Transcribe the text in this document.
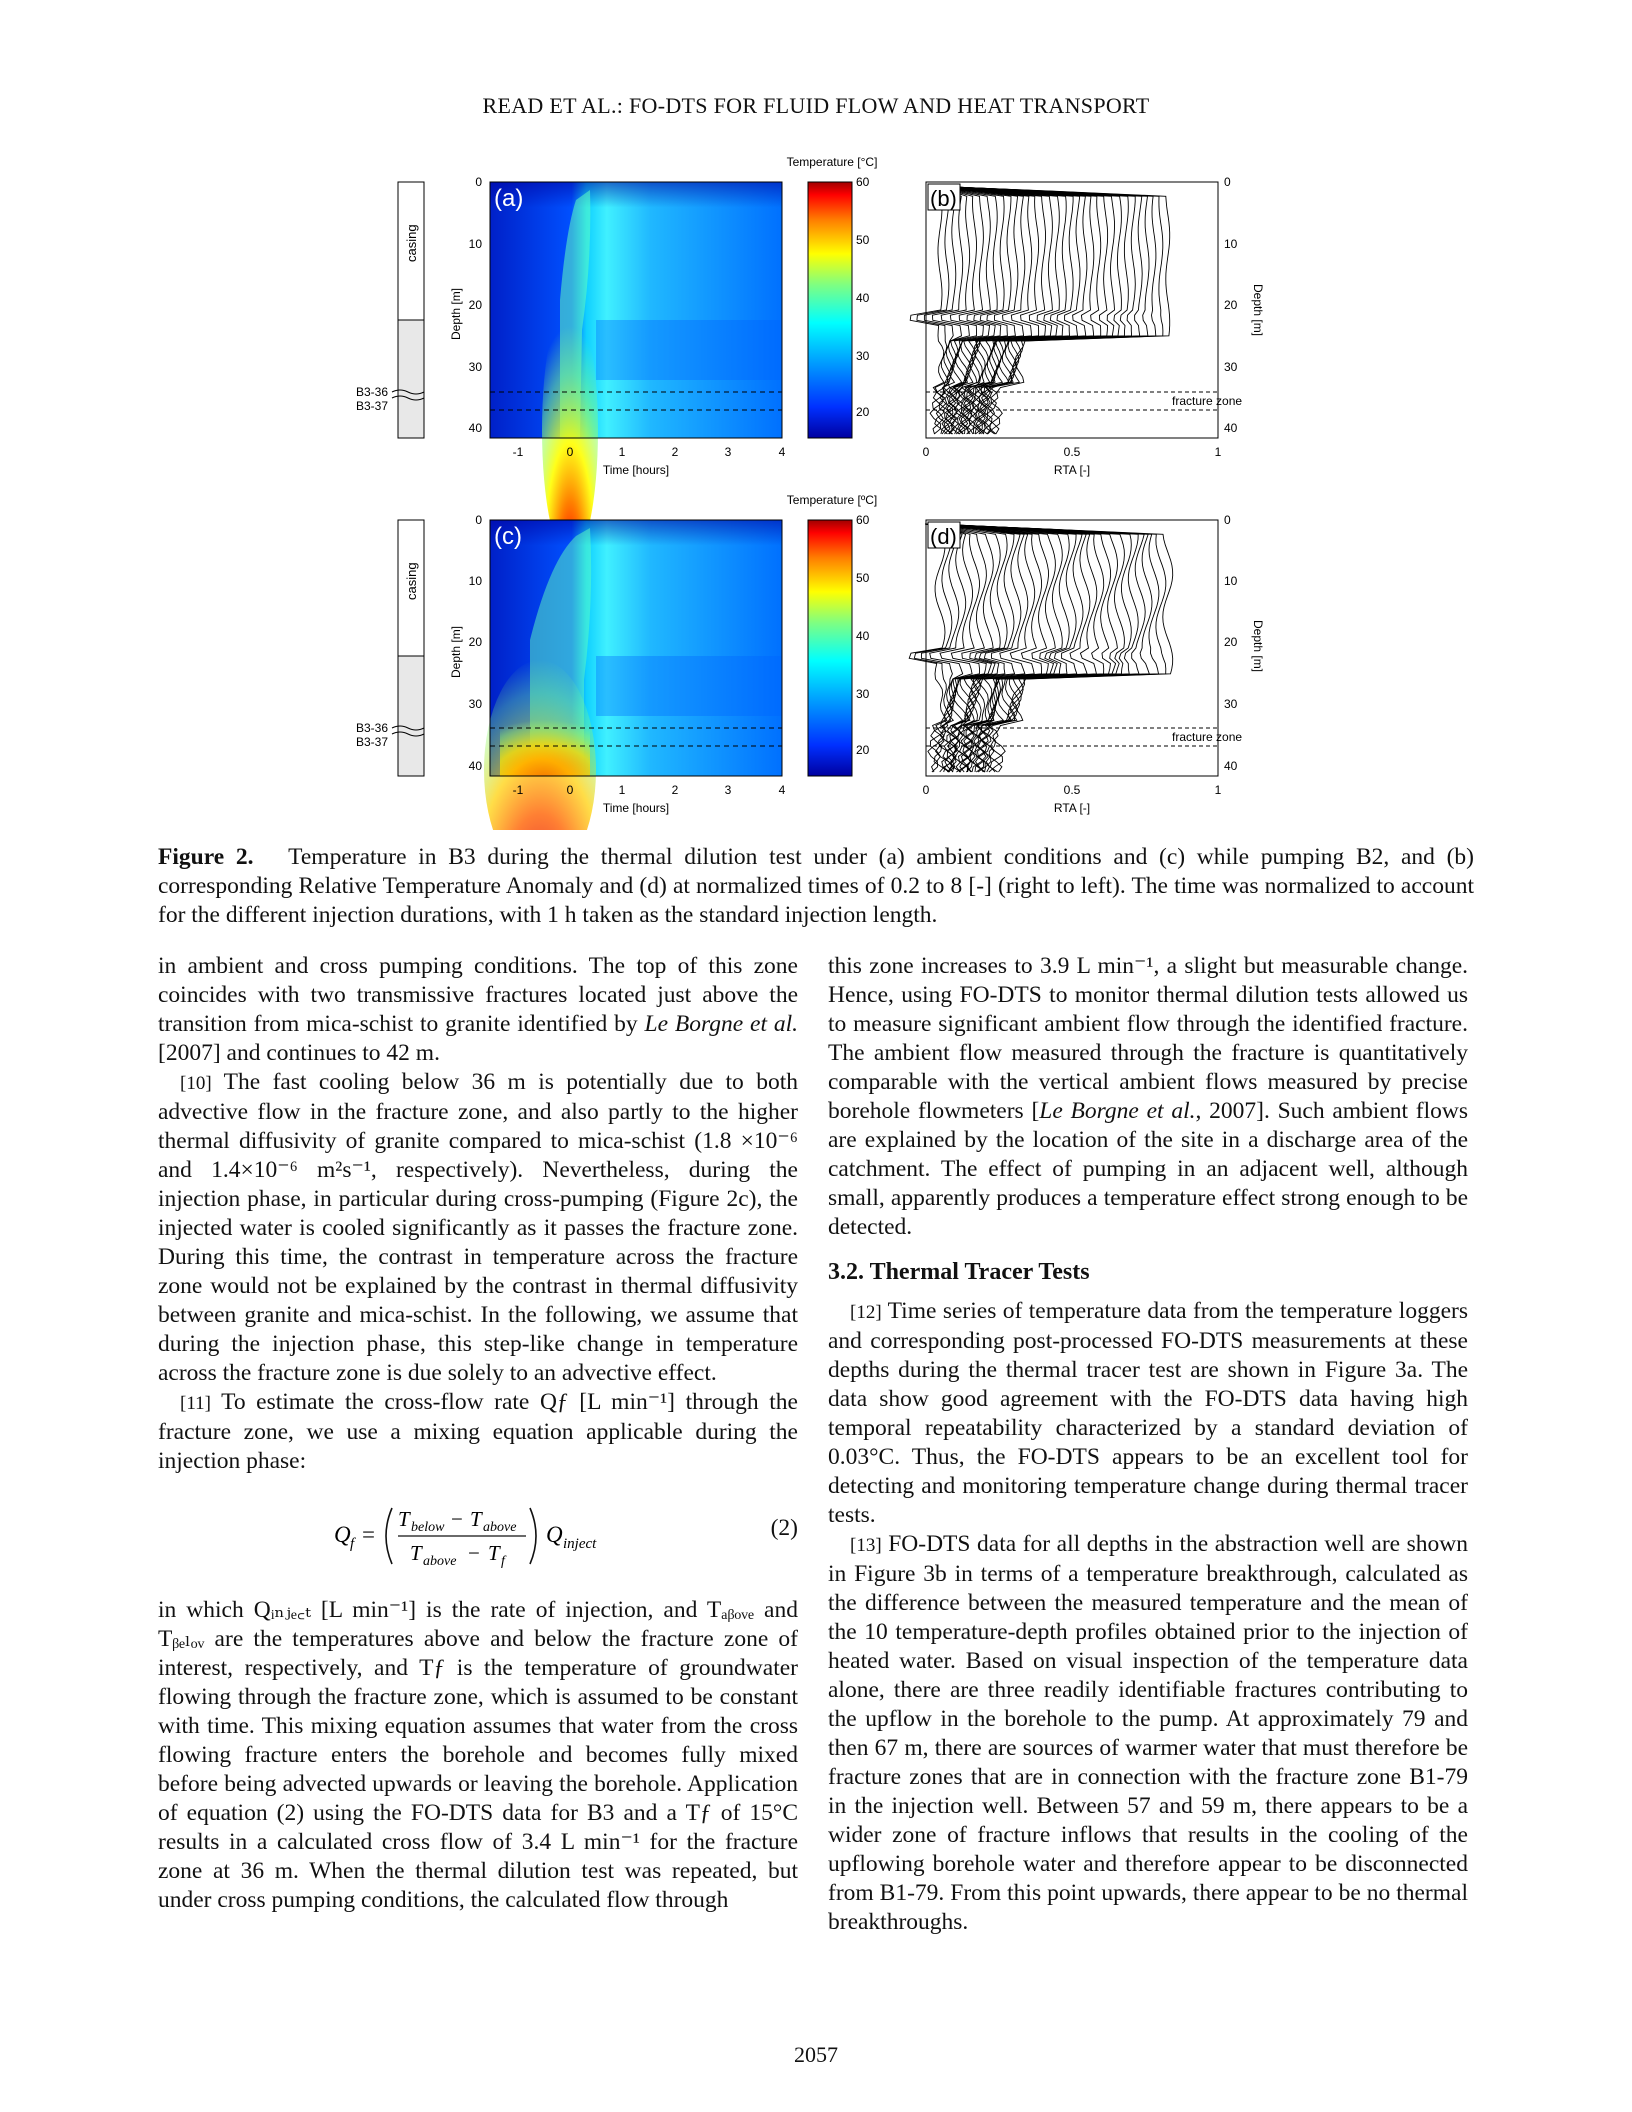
READ ET AL.: FO-DTS FOR FLUID FLOW AND HEAT TRANSPORT
casing
B3-36
B3-37
(a)
0
10
20
30
40
Depth [m]
-1	0	1	2	3	4
Time [hours]
Temperature [°C]
60
50
40
30
20
(b)
fracture zone
0
10
20
30
40
Depth [m]
0	0.5	1
RTA [-]
casing
B3-36
B3-37
(c)
0
10
20
30
40
Depth [m]
-1	0	1	2	3	4
Time [hours]
Temperature [ºC]
60
50
40
30
20
(d)
fracture zone
0
10
20
30
40
Depth [m]
0	0.5	1
RTA [-]
Figure 2. Temperature in B3 during the thermal dilution test under (a) ambient conditions and (c) while pumping B2, and (b) corresponding Relative Temperature Anomaly and (d) at normalized times of 0.2 to 8 [-] (right to left). The time was normalized to account for the different injection durations, with 1 h taken as the standard injection length.

in ambient and cross pumping conditions. The top of this zone coincides with two transmissive fractures located just above the transition from mica-schist to granite identified by Le Borgne et al. [2007] and continues to 42 m.

[10] The fast cooling below 36 m is potentially due to both advective flow in the fracture zone, and also partly to the higher thermal diffusivity of granite compared to mica-schist (1.8 ×10⁻⁶ and 1.4×10⁻⁶ m²s⁻¹, respectively). Nevertheless, during the injection phase, in particular during cross-pumping (Figure 2c), the injected water is cooled significantly as it passes the fracture zone. During this time, the contrast in temperature across the fracture zone would not be explained by the contrast in thermal diffusivity between granite and mica-schist. In the following, we assume that during the injection phase, this step-like change in temperature across the fracture zone is due solely to an advective effect.

[11] To estimate the cross-flow rate Qƒ [L min⁻¹] through the fracture zone, we use a mixing equation applicable during the injection phase:

Q f =
T below − T above
T above − T f
Q inject
(2)

in which Qᵢₙⱼₑ꜀ₜ [L min⁻¹] is the rate of injection, and Tₐᵦₒᵥₑ and Tᵦₑₗₒᵥ are the temperatures above and below the fracture zone of interest, respectively, and Tƒ is the temperature of groundwater flowing through the fracture zone, which is assumed to be constant with time. This mixing equation assumes that water from the cross flowing fracture enters the borehole and becomes fully mixed before being advected upwards or leaving the borehole. Application of equation (2) using the FO-DTS data for B3 and a Tƒ of 15°C results in a calculated cross flow of 3.4 L min⁻¹ for the fracture zone at 36 m. When the thermal dilution test was repeated, but under cross pumping conditions, the calculated flow through

this zone increases to 3.9 L min⁻¹, a slight but measurable change. Hence, using FO-DTS to monitor thermal dilution tests allowed us to measure significant ambient flow through the identified fracture. The ambient flow measured through the fracture is quantitatively comparable with the vertical ambient flows measured by precise borehole flowmeters [Le Borgne et al., 2007]. Such ambient flows are explained by the location of the site in a discharge area of the catchment. The effect of pumping in an adjacent well, although small, apparently produces a temperature effect strong enough to be detected.

3.2. Thermal Tracer Tests

[12] Time series of temperature data from the temperature loggers and corresponding post-processed FO-DTS measurements at these depths during the thermal tracer test are shown in Figure 3a. The data show good agreement with the FO-DTS data having high temporal repeatability characterized by a standard deviation of 0.03°C. Thus, the FO-DTS appears to be an excellent tool for detecting and monitoring temperature change during thermal tracer tests.

[13] FO-DTS data for all depths in the abstraction well are shown in Figure 3b in terms of a temperature breakthrough, calculated as the difference between the measured temperature and the mean of the 10 temperature-depth profiles obtained prior to the injection of heated water. Based on visual inspection of the temperature data alone, there are three readily identifiable fractures contributing to the upflow in the borehole to the pump. At approximately 79 and then 67 m, there are sources of warmer water that must therefore be fracture zones that are in connection with the fracture zone B1-79 in the injection well. Between 57 and 59 m, there appears to be a wider zone of fracture inflows that results in the cooling of the upflowing borehole water and therefore appear to be disconnected from B1-79. From this point upwards, there appear to be no thermal breakthroughs.

2057
